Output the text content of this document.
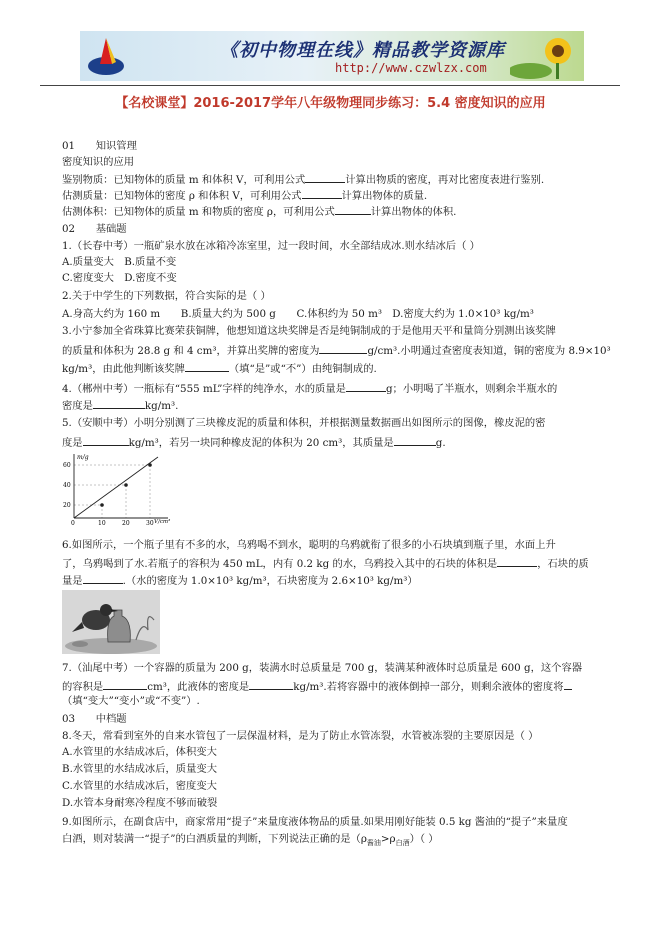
《初中物理在线》精品教学资源库
http://www.czwlzx.com
【名校课堂】2016-2017学年八年级物理同步练习：5.4 密度知识的应用
01　　知识管理
密度知识的应用
鉴别物质：已知物体的质量 m 和体积 V，可利用公式	计算出物质的密度，再对比密度表进行鉴别.
估测质量：已知物体的密度 ρ 和体积 V，可利用公式	计算出物体的质量.
估测体积：已知物体的质量 m 和物质的密度 ρ，可利用公式	计算出物体的体积.
02　　基础题
1.（长春中考）一瓶矿泉水放在冰箱冷冻室里，过一段时间，水全部结成冰.则水结冰后（ ）
A.质量变大　B.质量不变
C.密度变大　D.密度不变
2.关于中学生的下列数据，符合实际的是（ ）
A.身高大约为 160 m　　B.质量大约为 500 g　　C.体积约为 50 m³　D.密度大约为 1.0×10³ kg/m³
3.小宁参加全省珠算比赛荣获铜牌，他想知道这块奖牌是否是纯铜制成的于是他用天平和量筒分别测出该奖牌
的质量和体积为 28.8 g 和 4 cm³，并算出奖牌的密度为	g/cm³.小明通过查密度表知道，铜的密度为 8.9×10³
kg/m³，由此他判断该奖牌	（填“是”或“不”）由纯铜制成的.
4.（郴州中考）一瓶标有“555 mL”字样的纯净水，水的质量是	g；小明喝了半瓶水，则剩余半瓶水的
密度是	kg/m³.
5.（安顺中考）小明分别测了三块橡皮泥的质量和体积，并根据测量数据画出如图所示的图像，橡皮泥的密
度是	kg/m³，若另一块同种橡皮泥的体积为 20 cm³，其质量是	g.
m/g
20
40
60
0	10	20	30 V/cm³
6.如图所示，一个瓶子里有不多的水，乌鸦喝不到水，聪明的乌鸦就衔了很多的小石块填到瓶子里，水面上升
了，乌鸦喝到了水.若瓶子的容积为 450 mL，内有 0.2 kg 的水，乌鸦投入其中的石块的体积是	，石块的质
量是	.（水的密度为 1.0×10³ kg/m³，石块密度为 2.6×10³ kg/m³）
7.（汕尾中考）一个容器的质量为 200 g，装满水时总质量是 700 g，装满某种液体时总质量是 600 g，这个容器
的容积是	cm³，此液体的密度是	kg/m³.若将容器中的液体倒掉一部分，则剩余液体的密度将
（填“变大”“变小”或“不变”）.
03　　中档题
8.冬天，常看到室外的自来水管包了一层保温材料，是为了防止水管冻裂，水管被冻裂的主要原因是（ ）
A.水管里的水结成冰后，体积变大
B.水管里的水结成冰后，质量变大
C.水管里的水结成冰后，密度变大
D.水管本身耐寒冷程度不够而破裂
9.如图所示，在副食店中，商家常用“提子”来量度液体物品的质量.如果用刚好能装 0.5 kg 酱油的“提子”来量度
白酒，则对装满一“提子”的白酒质量的判断，下列说法正确的是$(\rho_{酱油}>\rho_{白酒})$（ ）
